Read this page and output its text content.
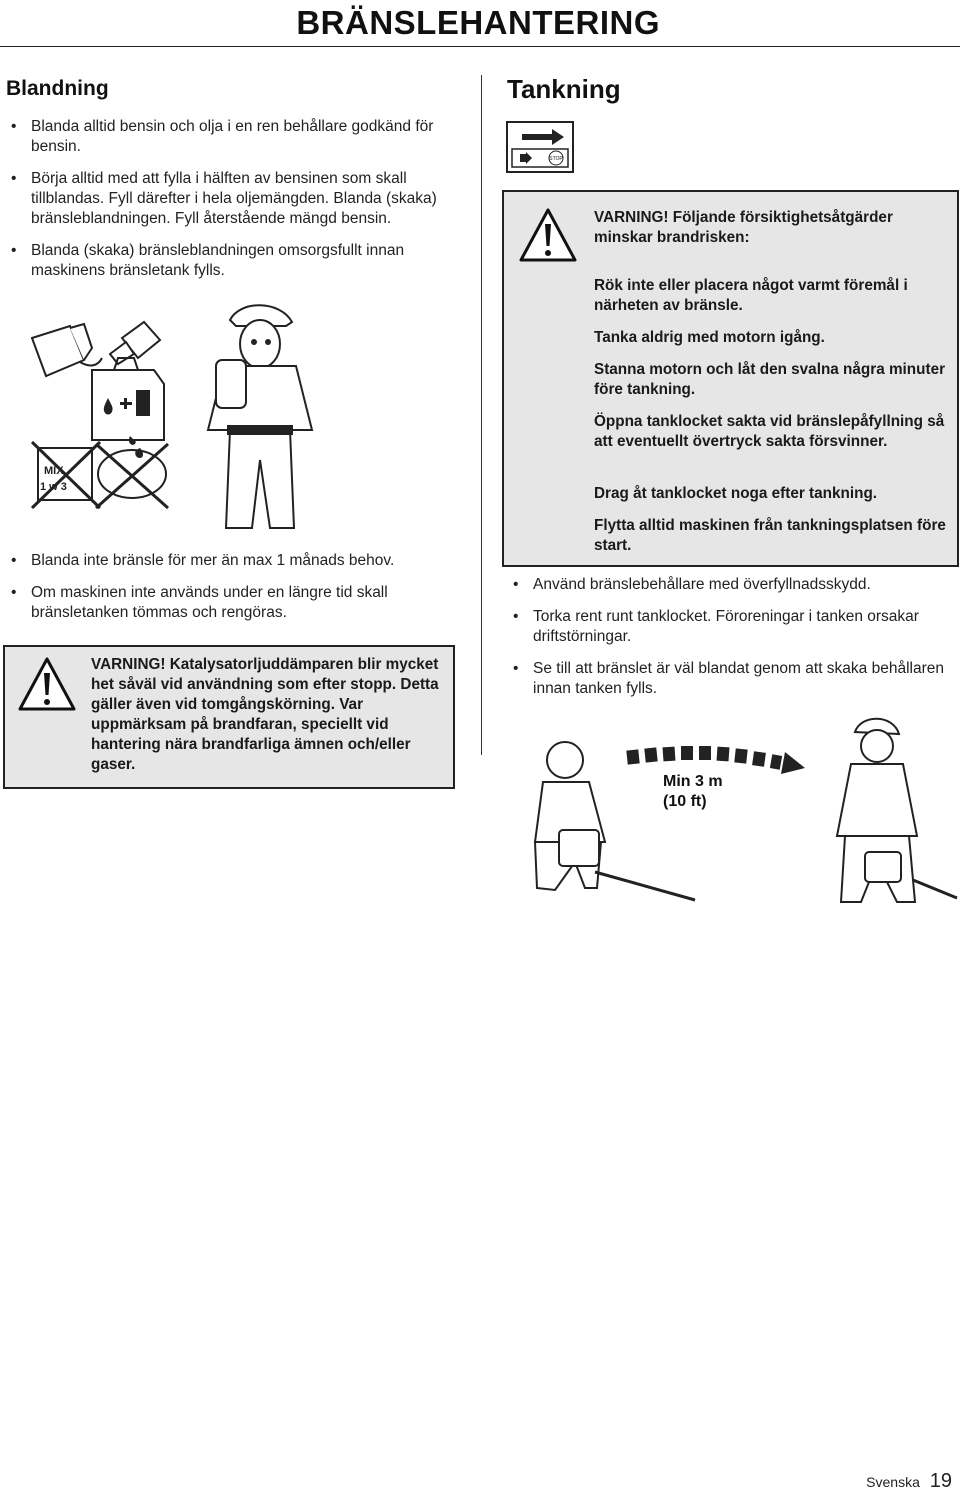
BRÄNSLEHANTERING
Blandning
• Blanda alltid bensin och olja i en ren behållare godkänd för bensin.
• Börja alltid med att fylla i hälften av bensinen som skall tillblandas. Fyll därefter i hela oljemängden. Blanda (skaka) bränsleblandningen. Fyll återstående mängd bensin.
• Blanda (skaka) bränsleblandningen omsorgsfullt innan maskinens bränsletank fylls.
MIX
1 w 3
• Blanda inte bränsle för mer än max 1 månads behov.
• Om maskinen inte används under en längre tid skall bränsletanken tömmas och rengöras.
VARNING! Katalysatorljuddämparen blir mycket het såväl vid användning som efter stopp. Detta gäller även vid tomgångskörning. Var uppmärksam på brandfaran, speciellt vid hantering nära brandfarliga ämnen och/eller gaser.
Tankning
STOP
VARNING! Följande försiktighetsåtgärder minskar brandrisken:
Rök inte eller placera något varmt föremål i närheten av bränsle.
Tanka aldrig med motorn igång.
Stanna motorn och låt den svalna några minuter före tankning.
Öppna tanklocket sakta vid bränslepåfyllning så att eventuellt övertryck sakta försvinner.
Drag åt tanklocket noga efter tankning.
Flytta alltid maskinen från tankningsplatsen före start.
• Använd bränslebehållare med överfyllnadsskydd.
• Torka rent runt tanklocket. Föroreningar i tanken orsakar driftstörningar.
• Se till att bränslet är väl blandat genom att skaka behållaren innan tanken fylls.
Min 3 m
(10 ft)
Svenska 19
